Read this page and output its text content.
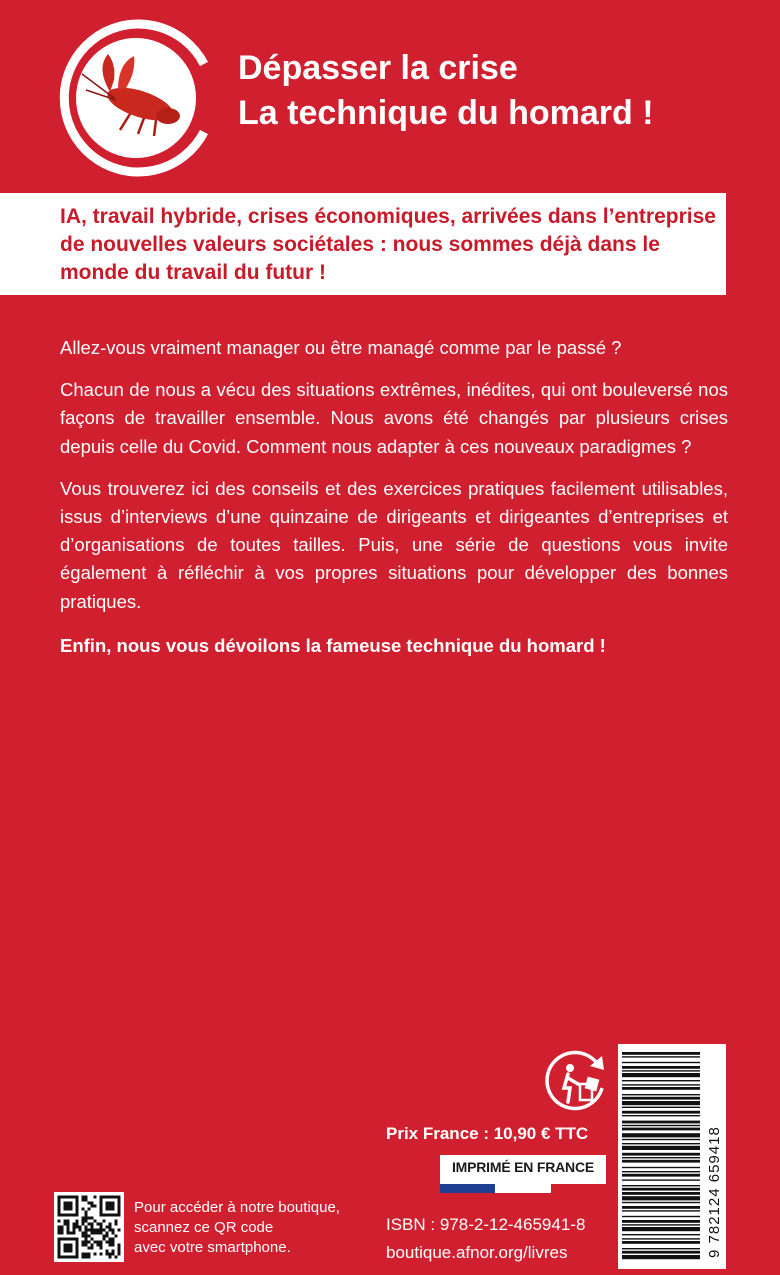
Dépasser la crise
La technique du homard !

IA, travail hybride, crises économiques, arrivées dans l’entreprise de nouvelles valeurs sociétales : nous sommes déjà dans le monde du travail du futur !

Allez-vous vraiment manager ou être managé comme par le passé ?

Chacun de nous a vécu des situations extrêmes, inédites, qui ont bouleversé nos façons de travailler ensemble. Nous avons été changés par plusieurs crises depuis celle du Covid. Comment nous adapter à ces nouveaux paradigmes ?

Vous trouverez ici des conseils et des exercices pratiques facilement utilisables, issus d’interviews d’une quinzaine de dirigeants et dirigeantes d’entreprises et d’organisations de toutes tailles. Puis, une série de questions vous invite également à réfléchir à vos propres situations pour développer des bonnes pratiques.

Enfin, nous vous dévoilons la fameuse technique du homard !

Prix France : 10,90 € TTC
IMPRIMÉ EN FRANCE	9 782124 659418
ISBN : 978-2-12-465941-8
boutique.afnor.org/livres
Pour accéder à notre boutique,
scannez ce QR code
avec votre smartphone.
